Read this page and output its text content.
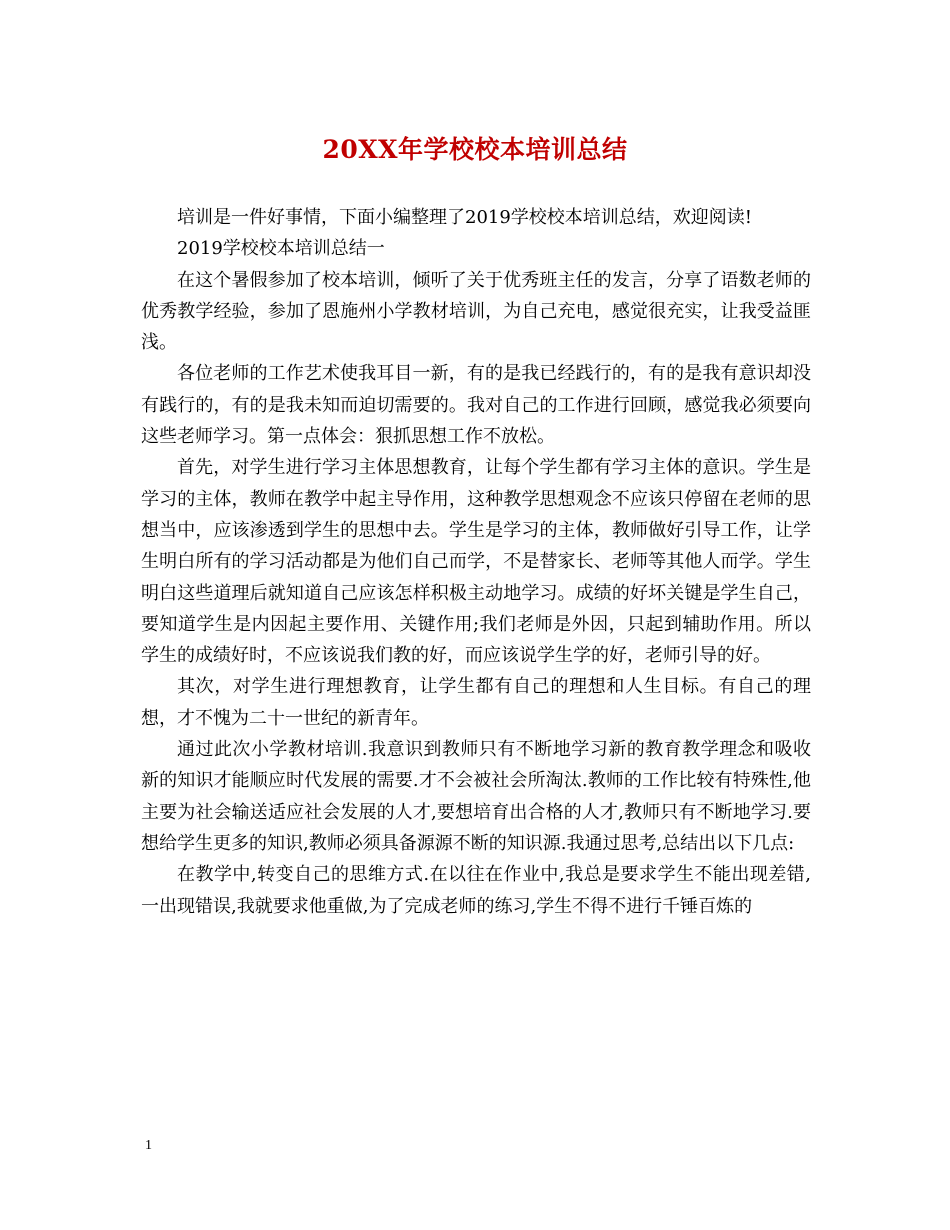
20XX年学校校本培训总结

培训是一件好事情，下面小编整理了2019学校校本培训总结，欢迎阅读!

2019学校校本培训总结一

在这个暑假参加了校本培训，倾听了关于优秀班主任的发言，分享了语数老师的优秀教学经验，参加了恩施州小学教材培训，为自己充电，感觉很充实，让我受益匪浅。

各位老师的工作艺术使我耳目一新，有的是我已经践行的，有的是我有意识却没有践行的，有的是我未知而迫切需要的。我对自己的工作进行回顾，感觉我必须要向这些老师学习。第一点体会：狠抓思想工作不放松。

首先，对学生进行学习主体思想教育，让每个学生都有学习主体的意识。学生是学习的主体，教师在教学中起主导作用，这种教学思想观念不应该只停留在老师的思想当中，应该渗透到学生的思想中去。学生是学习的主体，教师做好引导工作，让学生明白所有的学习活动都是为他们自己而学，不是替家长、老师等其他人而学。学生明白这些道理后就知道自己应该怎样积极主动地学习。成绩的好坏关键是学生自己，要知道学生是内因起主要作用、关键作用;我们老师是外因，只起到辅助作用。所以学生的成绩好时，不应该说我们教的好，而应该说学生学的好，老师引导的好。

其次，对学生进行理想教育，让学生都有自己的理想和人生目标。有自己的理想，才不愧为二十一世纪的新青年。

通过此次小学教材培训.我意识到教师只有不断地学习新的教育教学理念和吸收新的知识才能顺应时代发展的需要.才不会被社会所淘汰.教师的工作比较有特殊性,他主要为社会输送适应社会发展的人才,要想培育出合格的人才,教师只有不断地学习.要想给学生更多的知识,教师必须具备源源不断的知识源.我通过思考,总结出以下几点:

在教学中,转变自己的思维方式.在以往在作业中,我总是要求学生不能出现差错,一出现错误,我就要求他重做,为了完成老师的练习,学生不得不进行千锤百炼的

1
